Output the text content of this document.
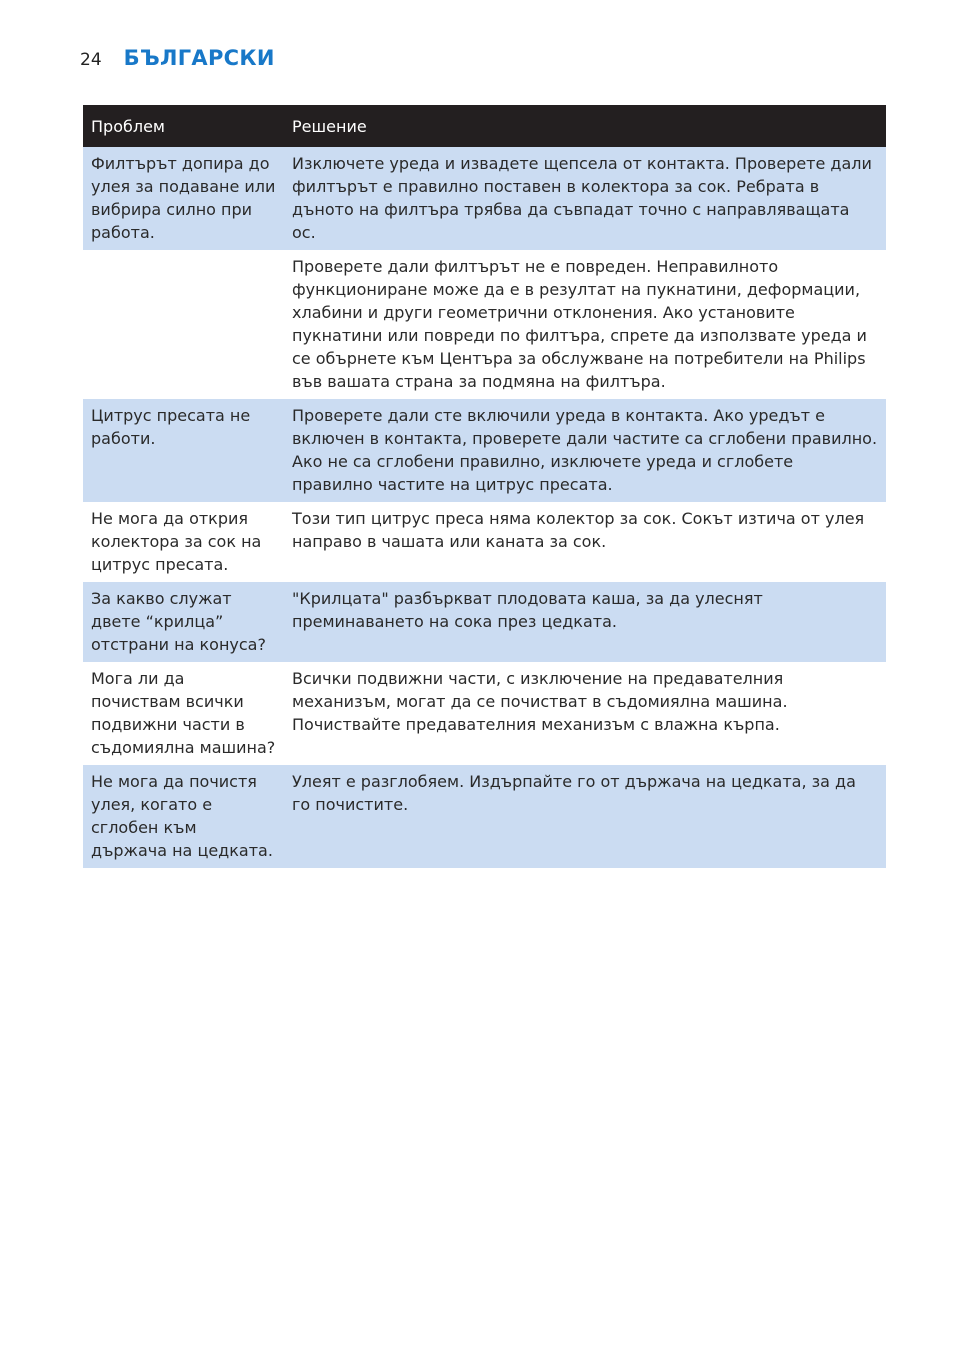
24 БЪЛГАРСКИ
Проблем	Решение
Филтърът допира до улея за подаване или вибрира силно при работа.	Изключете уреда и извадете щепсела от контакта. Проверете дали филтърът е правилно поставен в колектора за сок. Ребрата в дъното на филтъра трябва да съвпадат точно с направляващата ос.
	Проверете дали филтърът не е повреден. Неправилното функциониране може да е в резултат на пукнатини, деформации, хлабини и други геометрични отклонения. Ако установите пукнатини или повреди по филтъра, спрете да използвате уреда и се обърнете към Центъра за обслужване на потребители на Philips във вашата страна за подмяна на филтъра.
Цитрус пресата не работи.	Проверете дали сте включили уреда в контакта. Ако уредът е включен в контакта, проверете дали частите са сглобени правилно. Ако не са сглобени правилно, изключете уреда и сглобете правилно частите на цитрус пресата.
Не мога да открия колектора за сок на цитрус пресата.	Този тип цитрус преса няма колектор за сок. Сокът изтича от улея направо в чашата или каната за сок.
За какво служат двете “крилца” отстрани на конуса?	"Крилцата" разбъркват плодовата каша, за да улеснят преминаването на сока през цедката.
Мога ли да почиствам всички подвижни части в съдомиялна машина?	Всички подвижни части, с изключение на предавателния механизъм, могат да се почистват в съдомиялна машина. Почиствайте предавателния механизъм с влажна кърпа.
Не мога да почистя улея, когато е сглобен към държача на цедката.	Улеят е разглобяем. Издърпайте го от държача на цедката, за да го почистите.
